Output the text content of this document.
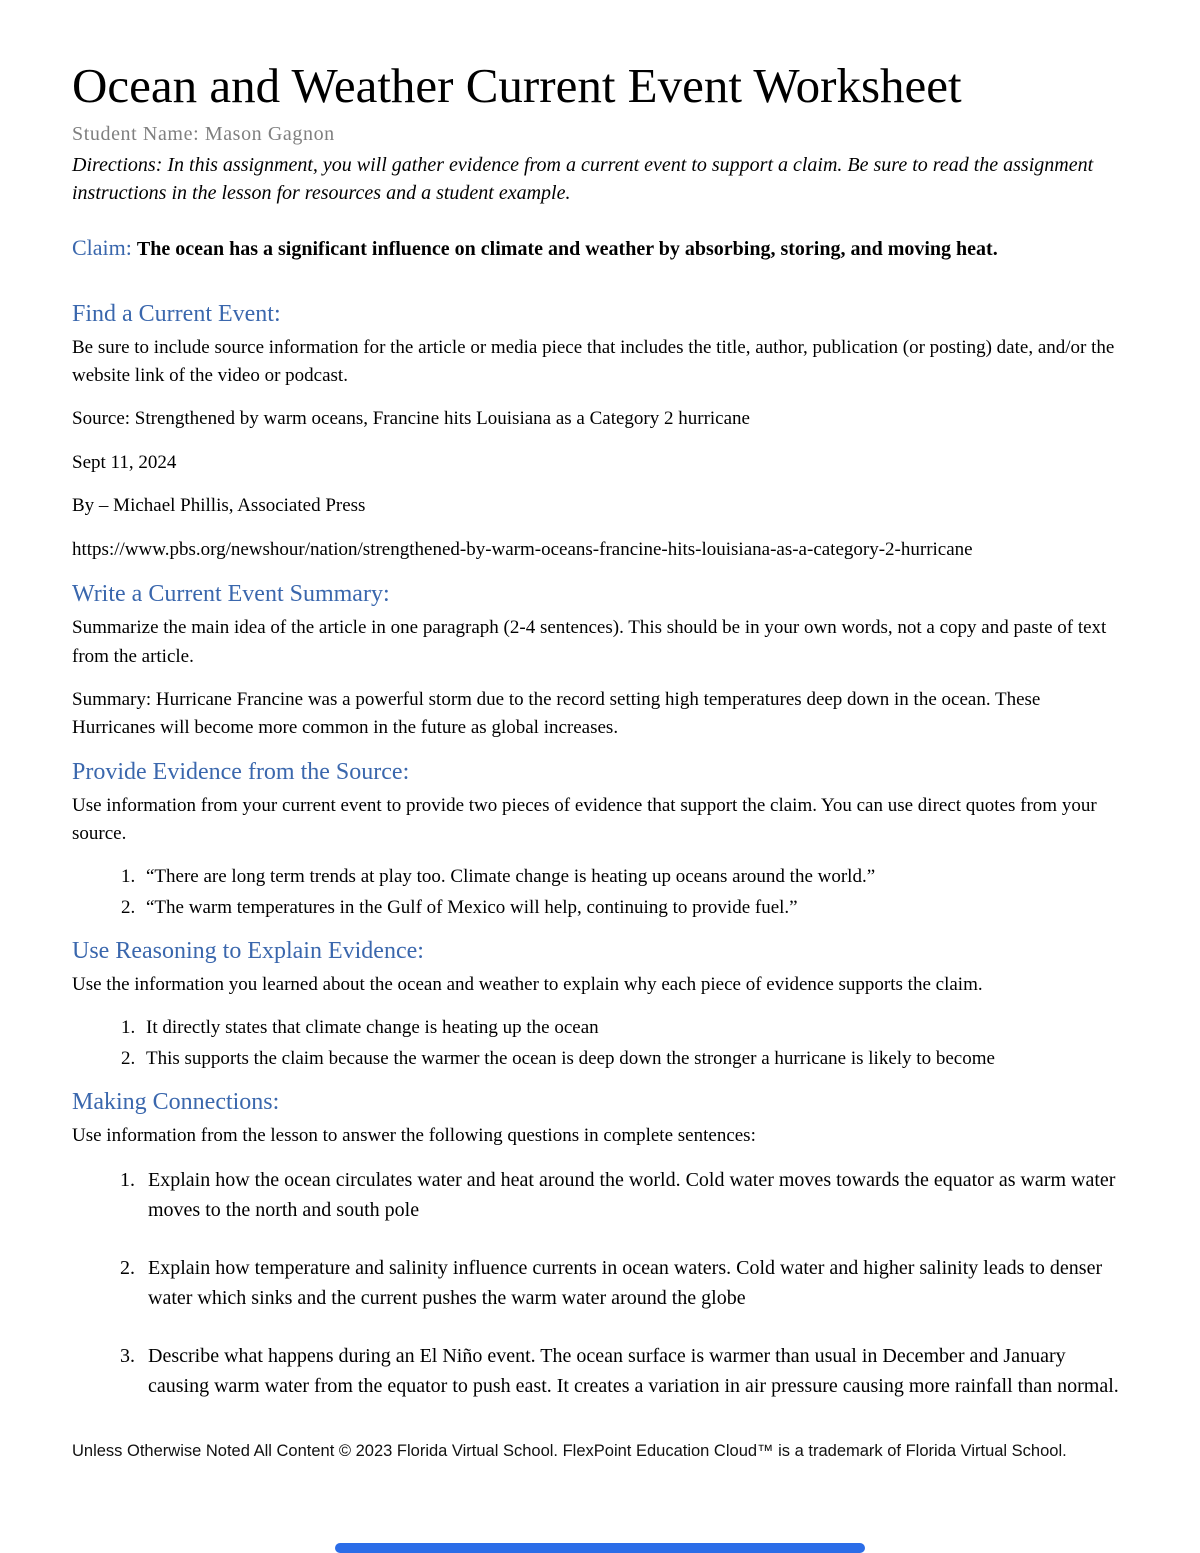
Ocean and Weather Current Event Worksheet

Student Name: Mason Gagnon

Directions: In this assignment, you will gather evidence from a current event to support a claim. Be sure to read the assignment instructions in the lesson for resources and a student example.

Claim: The ocean has a significant influence on climate and weather by absorbing, storing, and moving heat.

Find a Current Event:

Be sure to include source information for the article or media piece that includes the title, author, publication (or posting) date, and/or the website link of the video or podcast.

Source: Strengthened by warm oceans, Francine hits Louisiana as a Category 2 hurricane

Sept 11, 2024

By – Michael Phillis, Associated Press

https://www.pbs.org/newshour/nation/strengthened-by-warm-oceans-francine-hits-louisiana-as-a-category-2-hurricane

Write a Current Event Summary:

Summarize the main idea of the article in one paragraph (2-4 sentences). This should be in your own words, not a copy and paste of text from the article.

Summary: Hurricane Francine was a powerful storm due to the record setting high temperatures deep down in the ocean. These Hurricanes will become more common in the future as global increases.

Provide Evidence from the Source:

Use information from your current event to provide two pieces of evidence that support the claim. You can use direct quotes from your source.

1. “There are long term trends at play too. Climate change is heating up oceans around the world.”
2. “The warm temperatures in the Gulf of Mexico will help, continuing to provide fuel.”
Use Reasoning to Explain Evidence:

Use the information you learned about the ocean and weather to explain why each piece of evidence supports the claim.

1. It directly states that climate change is heating up the ocean
2. This supports the claim because the warmer the ocean is deep down the stronger a hurricane is likely to become
Making Connections:

Use information from the lesson to answer the following questions in complete sentences:

1. Explain how the ocean circulates water and heat around the world. Cold water moves towards the equator as warm water moves to the north and south pole
2. Explain how temperature and salinity influence currents in ocean waters. Cold water and higher salinity leads to denser water which sinks and the current pushes the warm water around the globe
3. Describe what happens during an El Niño event. The ocean surface is warmer than usual in December and January causing warm water from the equator to push east. It creates a variation in air pressure causing more rainfall than normal.
Unless Otherwise Noted All Content © 2023 Florida Virtual School. FlexPoint Education Cloud™ is a trademark of Florida Virtual School.
